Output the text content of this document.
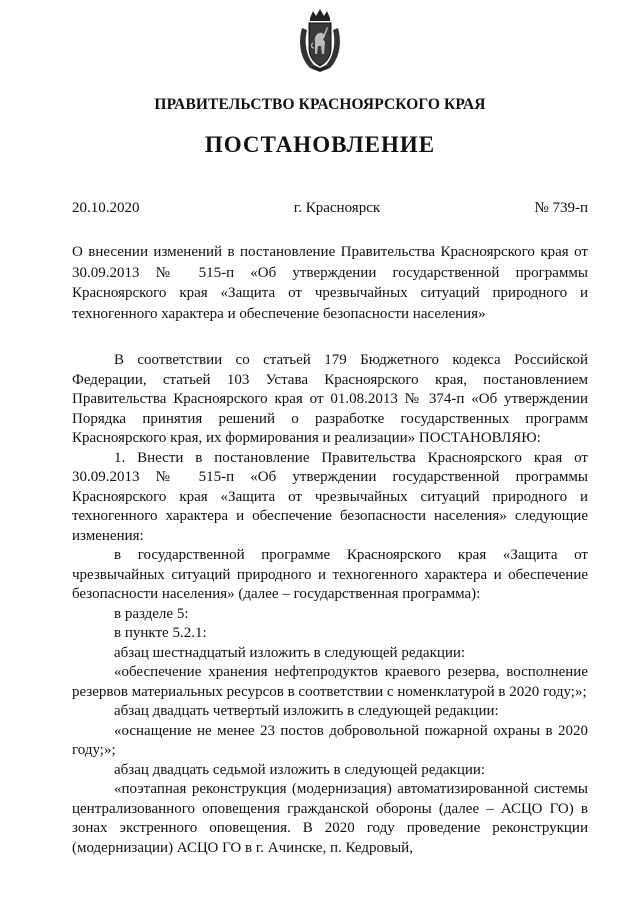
ПРАВИТЕЛЬСТВО КРАСНОЯРСКОГО КРАЯ
ПОСТАНОВЛЕНИЕ
20.10.2020	г. Красноярск	№ 739-п
О внесении изменений в постановление Правительства Красноярского края от 30.09.2013 № 515-п «Об утверждении государственной программы Красноярского края «Защита от чрезвычайных ситуаций природного и техногенного характера и обеспечение безопасности населения»

В соответствии со статьей 179 Бюджетного кодекса Российской Федерации, статьей 103 Устава Красноярского края, постановлением Правительства Красноярского края от 01.08.2013 № 374-п «Об утверждении Порядка принятия решений о разработке государственных программ Красноярского края, их формирования и реализации» ПОСТАНОВЛЯЮ:

1. Внести в постановление Правительства Красноярского края от 30.09.2013 № 515-п «Об утверждении государственной программы Красноярского края «Защита от чрезвычайных ситуаций природного и техногенного характера и обеспечение безопасности населения» следующие изменения:

в государственной программе Красноярского края «Защита от чрезвычайных ситуаций природного и техногенного характера и обеспечение безопасности населения» (далее – государственная программа):

в разделе 5:

в пункте 5.2.1:

абзац шестнадцатый изложить в следующей редакции:

«обеспечение хранения нефтепродуктов краевого резерва, восполнение резервов материальных ресурсов в соответствии с номенклатурой в 2020 году;»;

абзац двадцать четвертый изложить в следующей редакции:

«оснащение не менее 23 постов добровольной пожарной охраны в 2020 году;»;

абзац двадцать седьмой изложить в следующей редакции:

«поэтапная реконструкция (модернизация) автоматизированной системы централизованного оповещения гражданской обороны (далее – АСЦО ГО) в зонах экстренного оповещения. В 2020 году проведение реконструкции (модернизации) АСЦО ГО в г. Ачинске, п. Кедровый,
